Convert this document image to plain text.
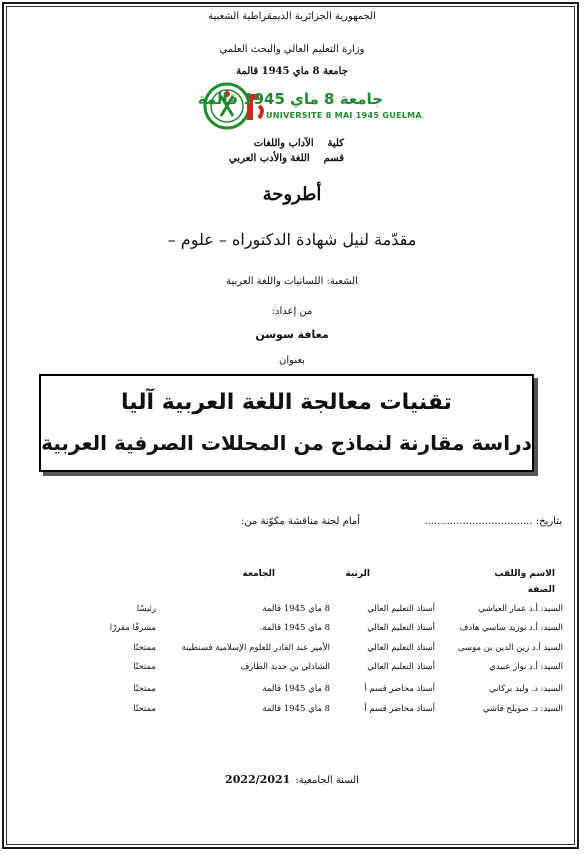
الجمهورية الجزائرية الديمقراطية الشعبية
وزارة التعليم العالي والبحث العلمي
جامعة 8 ماي 1945 قالمة
جامعة 8 ماي 1945 قالمة
UNIVERSITE 8 MAI 1945 GUELMA
كلية    الآداب واللغات
قسم    اللغة والأدب العربي
أطروحة
مقدّمة لنيل شهادة الدكتوراه – علوم –
الشعبة: اللسانيات واللغة العربية
من إعداد:
معافة سوسن
بعنوان
تقنيات معالجة اللغة العربية آليا
دراسة مقارنة لنماذج من المحللات الصرفية العربية
بتاريخ: ..................................
أمام لجنة مناقشة مكوّنة من:
الاسم واللقب
الصفة
الرتبة
الجامعة
السيد: أ.د عمار العياشي
أستاذ التعليم العالي
8 ماي 1945 قالمة
رئيسًا
السيد: أ.د بوزيد ساسي هادف
أستاذ التعليم العالي
8 ماي 1945 قالمة.
مشرفًا مقررًا
السيد أ.د زين الدين بن موسى
أستاذ التعليم العالي
الأمير عبد القادر للعلوم الإسلامية قسنطينة
ممتحنًا
السيد: أ.د نوار عبيدي
أستاذ التعليم العالي
الشاذلي بن جديد الطارف
ممتحنًا
السيد: د. وليد بركاني
أستاذ محاضر قسم أ
8 ماي 1945 قالمة
ممتحنًا
السيد: د. صويلح قاشي
أستاذ محاضر قسم أ
8 ماي 1945 قالمة
ممتحنًا
السنة الجامعية: 2022/2021
